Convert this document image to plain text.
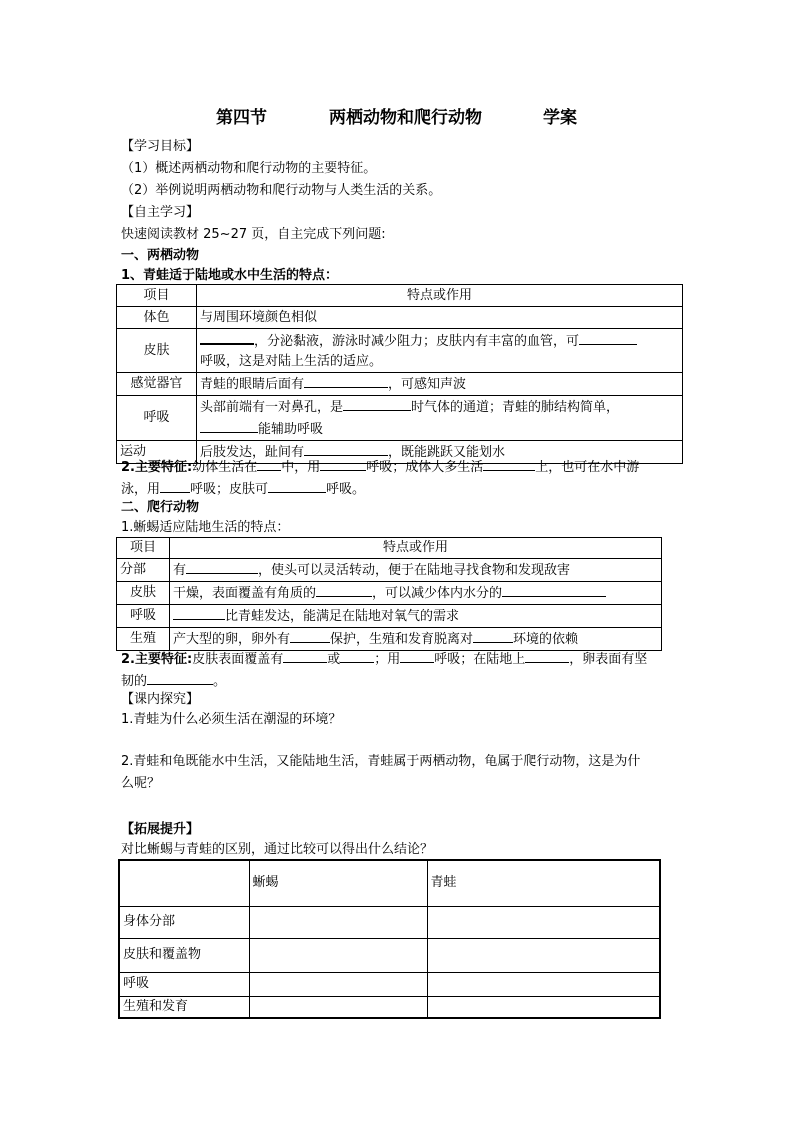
第四节	两栖动物和爬行动物	学案
【学习目标】
（1）概述两栖动物和爬行动物的主要特征。
（2）举例说明两栖动物和爬行动物与人类生活的关系。
【自主学习】
快速阅读教材 25~27 页，自主完成下列问题:
一、两栖动物
1、青蛙适于陆地或水中生活的特点：
项目	特点或作用
体色	与周围环境颜色相似
皮肤	，分泌黏液，游泳时减少阻力；皮肤内有丰富的血管，可
呼吸，这是对陆上生活的适应。

感觉器官	青蛙的眼睛后面有 ，可感知声波
呼吸	头部前端有一对鼻孔，是 时气体的通道；青蛙的肺结构简单，
能辅助呼吸

运动	后肢发达，趾间有 ，既能跳跃又能划水
2.主要特征:幼体生活在 中，用	呼吸；成体大多生活	上，也可在水中游
泳，用 呼吸；皮肤可	呼吸。
二、爬行动物
1.蜥蜴适应陆地生活的特点：
项目	特点或作用
分部	有 ，使头可以灵活转动，便于在陆地寻找食物和发现敌害
皮肤	干燥，表面覆盖有角质的 ，可以减少体内水分的
呼吸	比青蛙发达，能满足在陆地对氧气的需求
生殖	产大型的卵，卵外有 保护，生殖和发育脱离对 环境的依赖
2.主要特征:皮肤表面覆盖有	或	；用	呼吸；在陆地上	，卵表面有坚
韧的	。
【课内探究】
1.青蛙为什么必须生活在潮湿的环境？
2.青蛙和龟既能水中生活，又能陆地生活，青蛙属于两栖动物，龟属于爬行动物，这是为什
么呢？
【拓展提升】
对比蜥蜴与青蛙的区别，通过比较可以得出什么结论？
	蜥蜴	青蛙
身体分部		
皮肤和覆盖物		
呼吸		
生殖和发育		
